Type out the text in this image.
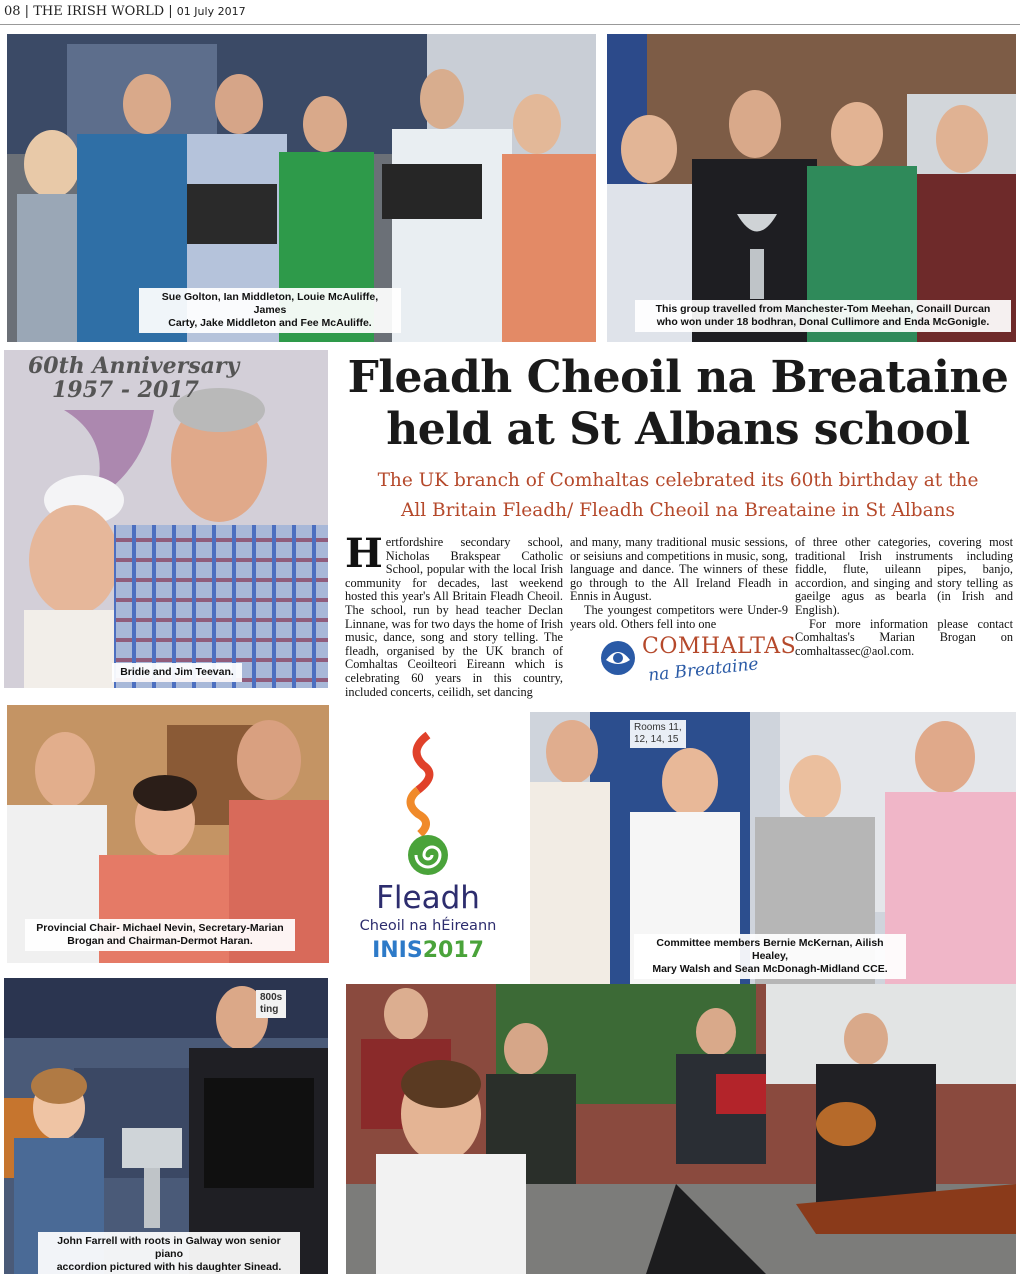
08 | THE IRISH WORLD | 01 July 2017
Sue Golton, Ian Middleton, Louie McAuliffe, James
Carty, Jake Middleton and Fee McAuliffe.
This group travelled from Manchester-Tom Meehan, Conaill Durcan
who won under 18 bodhran, Donal Cullimore and Enda McGonigle.
60th Anniversary
1957 - 2017
Bridie and Jim Teevan.
Fleadh Cheoil na Breataine
held at St Albans school
The UK branch of Comhaltas celebrated its 60th birthday at the
All Britain Fleadh/ Fleadh Cheoil na Breataine in St Albans
H ertfordshire secondary school, Nicholas Brakspear Catholic School, popular with the local Irish community for decades, last weekend hosted this year's All Britain Fleadh Cheoil. The school, run by head teacher Declan Linnane, was for two days the home of Irish music, dance, song and story telling. The fleadh, organised by the UK branch of Comhaltas Ceoilteori Eireann which is celebrating 60 years in this country, included concerts, ceilidh, set dancing

and many, many traditional music sessions, or seisiuns and competitions in music, song, language and dance. The winners of these go through to the All Ireland Fleadh in Ennis in August.

The youngest competitors were Under-9 years old. Others fell into one

of three other categories, covering most traditional Irish instruments including fiddle, flute, uileann pipes, banjo, accordion, and singing and story telling as gaeilge agus as bearla (in Irish and English).

For more information please contact Comhaltas's Marian Brogan on comhaltassec@aol.com.

COMHALTAS
na Breataine
Provincial Chair- Michael Nevin, Secretary-Marian
Brogan and Chairman-Dermot Haran.
Fleadh
Cheoil na hÉireann
INIS2017
Rooms 11,
12, 14, 15
Committee members Bernie McKernan, Ailish Healey,
Mary Walsh and Sean McDonagh-Midland CCE.
800s
ting
John Farrell with roots in Galway won senior piano
accordion pictured with his daughter Sinead.
